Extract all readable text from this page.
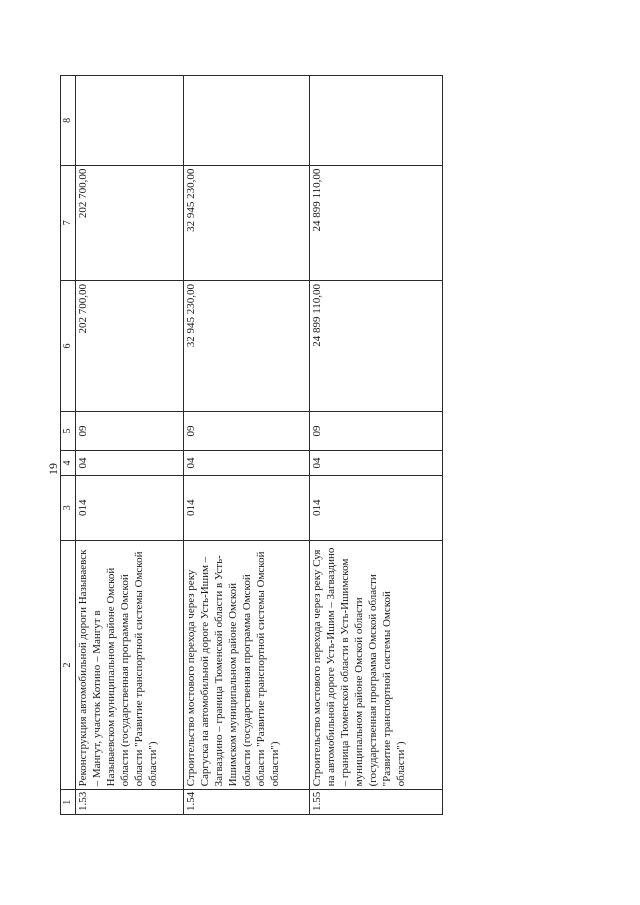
19
1	2	3	4	5	6	7	8
1.53	Реконструкция автомобильной дороги Называевск – Мангут, участок Котино – Мангут в Называевском муниципальном районе Омской области (государственная программа Омской области "Развитие транспортной системы Омской области")	014	04	09	202 700,00	202 700,00	
1.54	Строительство мостового перехода через реку Саргуска на автомобильной дороге Усть-Ишим – Загваздино – граница Тюменской области в Усть-Ишимском муниципальном районе Омской области (государственная программа Омской области "Развитие транспортной системы Омской области")	014	04	09	32 945 230,00	32 945 230,00	
1.55	Строительство мостового перехода через реку Суя на автомобильной дороге Усть-Ишим – Загваздино – граница Тюменской области в Усть-Ишимском муниципальном районе Омской области (государственная программа Омской области "Развитие транспортной системы Омской области")	014	04	09	24 899 110,00	24 899 110,00	
